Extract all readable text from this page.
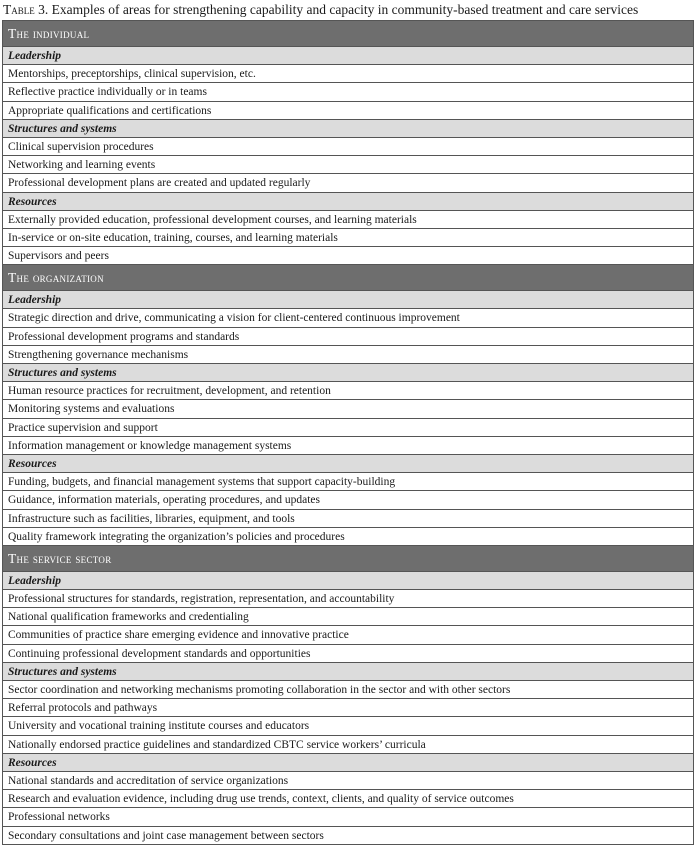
Table 3. Examples of areas for strengthening capability and capacity in community-based treatment and care services
The individual
Leadership
Mentorships, preceptorships, clinical supervision, etc.
Reflective practice individually or in teams
Appropriate qualifications and certifications
Structures and systems
Clinical supervision procedures
Networking and learning events
Professional development plans are created and updated regularly
Resources
Externally provided education, professional development courses, and learning materials
In-service or on-site education, training, courses, and learning materials
Supervisors and peers
The organization
Leadership
Strategic direction and drive, communicating a vision for client-centered continuous improvement
Professional development programs and standards
Strengthening governance mechanisms
Structures and systems
Human resource practices for recruitment, development, and retention
Monitoring systems and evaluations
Practice supervision and support
Information management or knowledge management systems
Resources
Funding, budgets, and financial management systems that support capacity-building
Guidance, information materials, operating procedures, and updates
Infrastructure such as facilities, libraries, equipment, and tools
Quality framework integrating the organization’s policies and procedures
The service sector
Leadership
Professional structures for standards, registration, representation, and accountability
National qualification frameworks and credentialing
Communities of practice share emerging evidence and innovative practice
Continuing professional development standards and opportunities
Structures and systems
Sector coordination and networking mechanisms promoting collaboration in the sector and with other sectors
Referral protocols and pathways
University and vocational training institute courses and educators
Nationally endorsed practice guidelines and standardized CBTC service workers’ curricula
Resources
National standards and accreditation of service organizations
Research and evaluation evidence, including drug use trends, context, clients, and quality of service outcomes
Professional networks
Secondary consultations and joint case management between sectors
